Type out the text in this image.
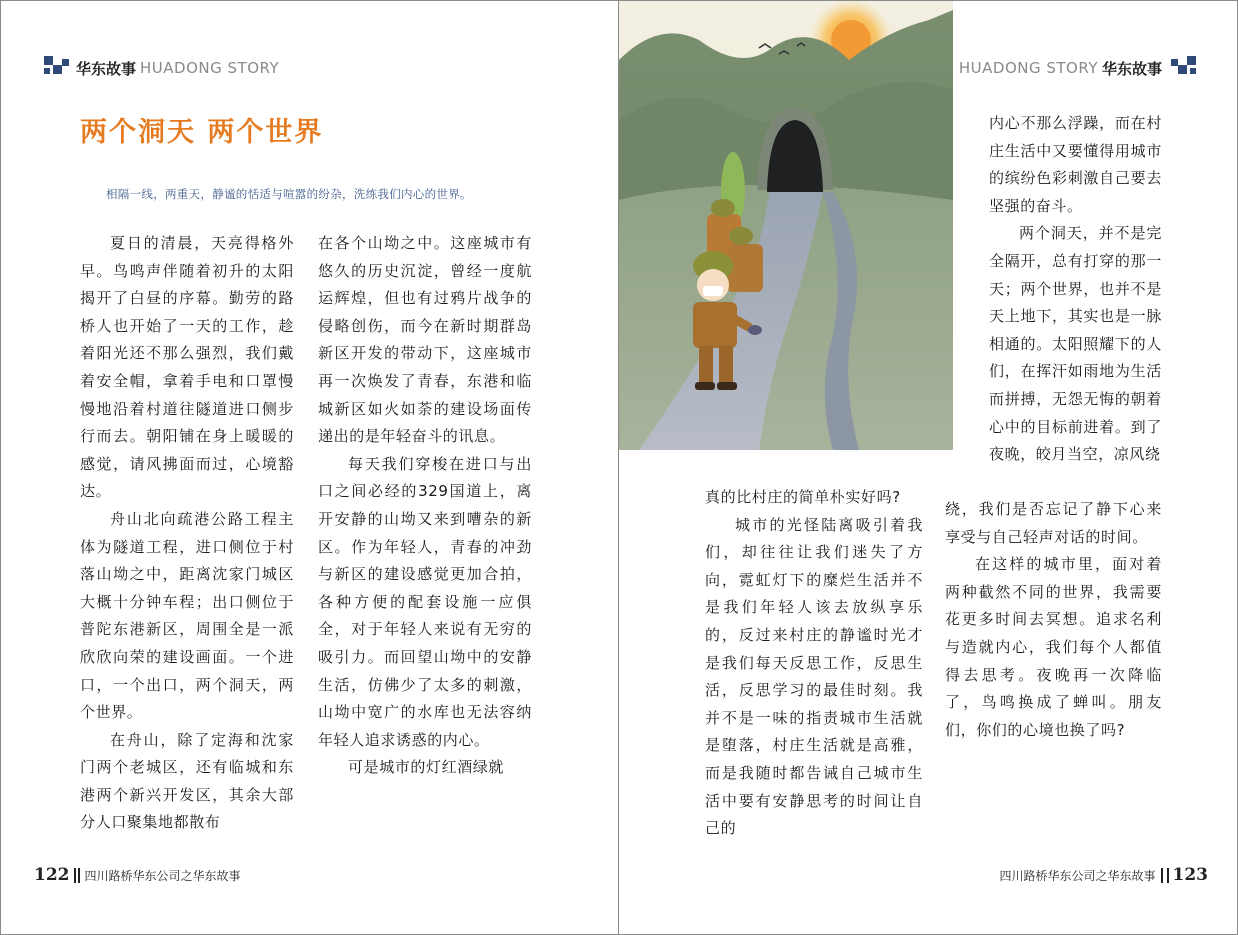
华东故事 HUADONG STORY
两个洞天 两个世界
相隔一线，两重天，静谧的恬适与喧嚣的纷杂，洗练我们内心的世界。

夏日的清晨，天亮得格外早。鸟鸣声伴随着初升的太阳揭开了白昼的序幕。勤劳的路桥人也开始了一天的工作，趁着阳光还不那么强烈，我们戴着安全帽，拿着手电和口罩慢慢地沿着村道往隧道进口侧步行而去。朝阳铺在身上暖暖的感觉，请风拂面而过，心境豁达。

舟山北向疏港公路工程主体为隧道工程，进口侧位于村落山坳之中，距离沈家门城区大概十分钟车程；出口侧位于普陀东港新区，周围全是一派欣欣向荣的建设画面。一个进口，一个出口，两个洞天，两个世界。

在舟山，除了定海和沈家门两个老城区，还有临城和东港两个新兴开发区，其余大部分人口聚集地都散布

在各个山坳之中。这座城市有悠久的历史沉淀，曾经一度航运辉煌，但也有过鸦片战争的侵略创伤，而今在新时期群岛新区开发的带动下，这座城市再一次焕发了青春，东港和临城新区如火如荼的建设场面传递出的是年轻奋斗的讯息。

每天我们穿梭在进口与出口之间必经的329国道上，离开安静的山坳又来到嘈杂的新区。作为年轻人，青春的冲劲与新区的建设感觉更加合拍，各种方便的配套设施一应俱全，对于年轻人来说有无穷的吸引力。而回望山坳中的安静生活，仿佛少了太多的刺激，山坳中宽广的水库也无法容纳年轻人追求诱惑的内心。

可是城市的灯红酒绿就

122 四川路桥华东公司之华东故事
HUADONG STORY 华东故事

真的比村庄的简单朴实好吗?

城市的光怪陆离吸引着我们，却往往让我们迷失了方向，霓虹灯下的糜烂生活并不是我们年轻人该去放纵享乐的，反过来村庄的静谧时光才是我们每天反思工作，反思生活，反思学习的最佳时刻。我并不是一味的指责城市生活就是堕落，村庄生活就是高雅，而是我随时都告诫自己城市生活中要有安静思考的时间让自己的

内心不那么浮躁，而在村庄生活中又要懂得用城市的缤纷色彩刺激自己要去坚强的奋斗。

两个洞天，并不是完全隔开，总有打穿的那一天；两个世界，也并不是天上地下，其实也是一脉相通的。太阳照耀下的人们，在挥汗如雨地为生活而拼搏，无怨无悔的朝着心中的目标前进着。到了夜晚，皎月当空，凉风绕

绕，我们是否忘记了静下心来享受与自己轻声对话的时间。

在这样的城市里，面对着两种截然不同的世界，我需要花更多时间去冥想。追求名利与造就内心，我们每个人都值得去思考。夜晚再一次降临了，鸟鸣换成了蝉叫。朋友们，你们的心境也换了吗?

四川路桥华东公司之华东故事 123
